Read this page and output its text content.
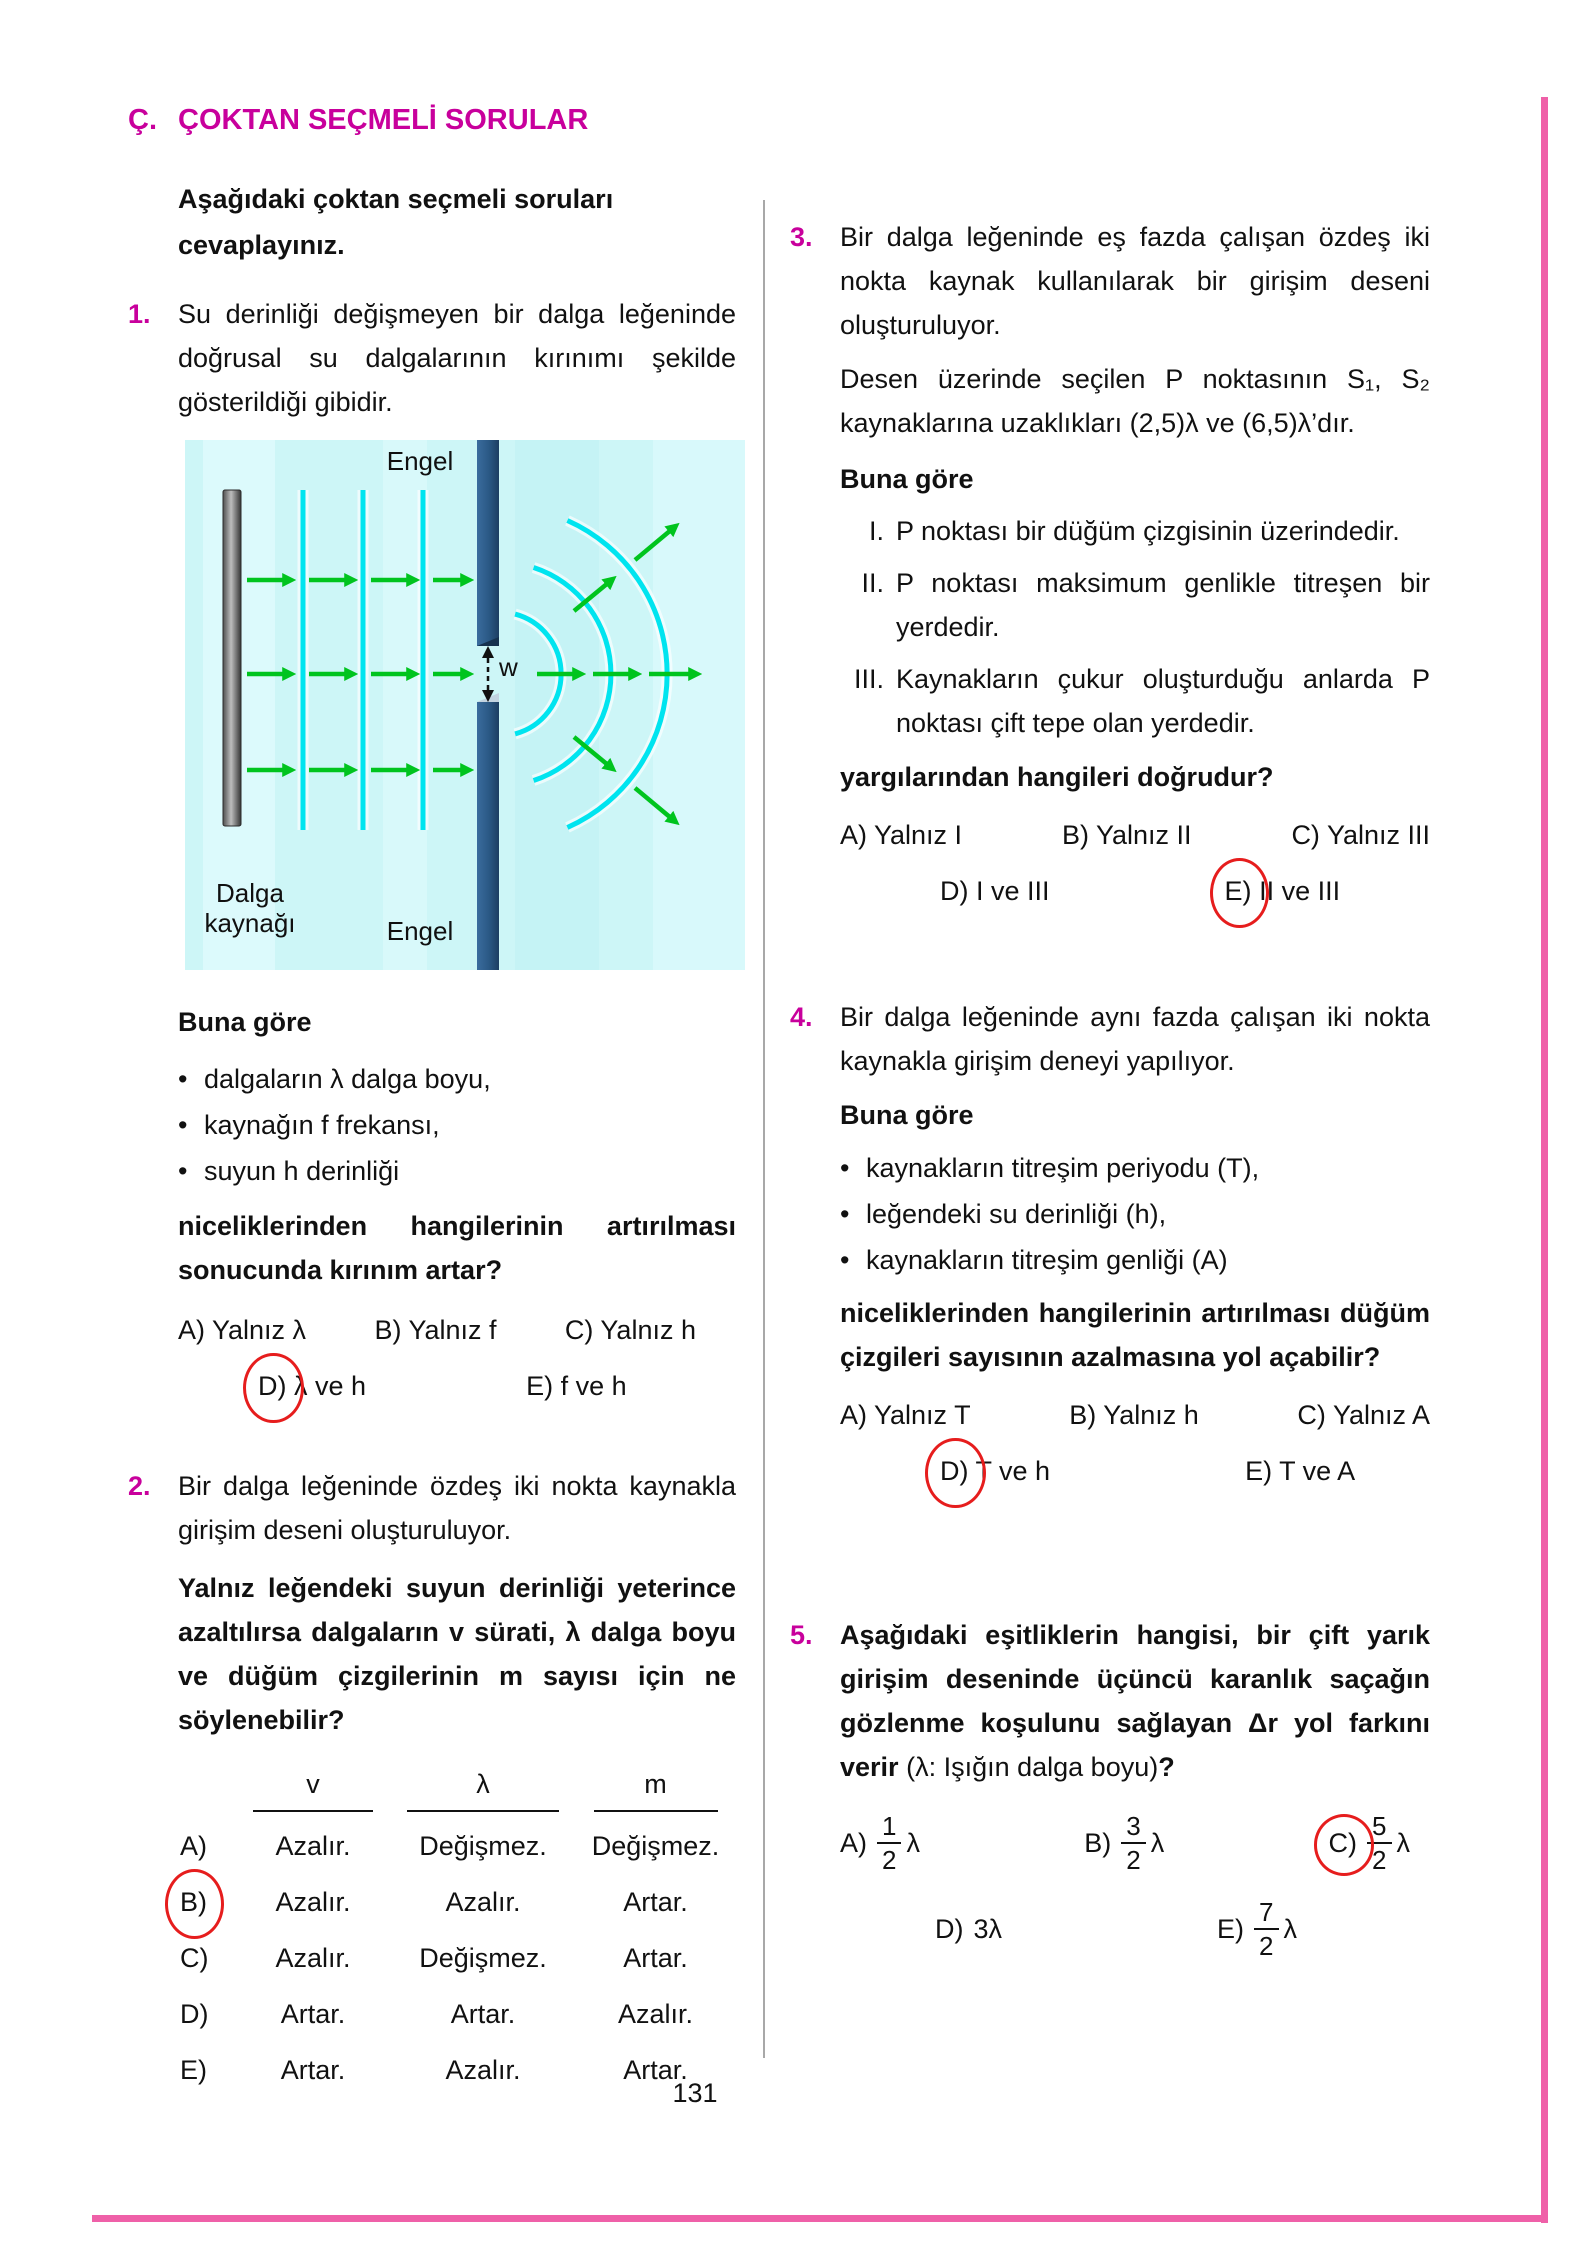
Ç. ÇOKTAN SEÇMELİ SORULAR
Aşağıdaki çoktan seçmeli soruları cevaplayınız.
1.	Su derinliği değişmeyen bir dalga leğeninde doğrusal su dalgalarının kırınımı şekilde gösterildiği gibidir.
Engel
Engel
Dalga kaynağı
w
Buna göre
• dalgaların λ dalga boyu,
• kaynağın f frekansı,
• suyun h derinliği
niceliklerinden hangilerinin artırılması sonucunda kırınım artar?
A) Yalnız λ	B) Yalnız f	C) Yalnız h
D) λ ve h	E) f ve h
2.	Bir dalga leğeninde özdeş iki nokta kaynakla girişim deseni oluşturuluyor.
Yalnız leğendeki suyun derinliği yeterince azaltılırsa dalgaların v sürati, λ dalga boyu ve düğüm çizgilerinin m sayısı için ne söylenebilir?
v	λ	m
A)	Azalır.	Değişmez.	Değişmez.
B)	Azalır.	Azalır.	Artar.
C)	Azalır.	Değişmez.	Artar.
D)	Artar.	Artar.	Azalır.
E)	Artar.	Azalır.	Artar.
3.	Bir dalga leğeninde eş fazda çalışan özdeş iki nokta kaynak kullanılarak bir girişim deseni oluşturuluyor.
Desen üzerinde seçilen P noktasının S₁, S₂ kaynaklarına uzaklıkları (2,5)λ ve (6,5)λ’dır.
Buna göre
I. P noktası bir düğüm çizgisinin üzerindedir.
II. P noktası maksimum genlikle titreşen bir yerdedir.
III. Kaynakların çukur oluşturduğu anlarda P noktası çift tepe olan yerdedir.
yargılarından hangileri doğrudur?
A) Yalnız I	B) Yalnız II	C) Yalnız III
D) I ve III	E) II ve III
4.	Bir dalga leğeninde aynı fazda çalışan iki nokta kaynakla girişim deneyi yapılıyor.
Buna göre
• kaynakların titreşim periyodu (T),
• leğendeki su derinliği (h),
• kaynakların titreşim genliği (A)
niceliklerinden hangilerinin artırılması düğüm çizgileri sayısının azalmasına yol açabilir?
A) Yalnız T	B) Yalnız h	C) Yalnız A
D) T ve h	E) T ve A
5.	Aşağıdaki eşitliklerin hangisi, bir çift yarık girişim deseninde üçüncü karanlık saçağın gözlenme koşulunu sağlayan Δr yol farkını verir (λ: Işığın dalga boyu)?
$A) \frac{1}{2}$ λ	$B) \frac{3}{2}$ λ	$C) \frac{5}{2}$ λ
D) 3λ	$E) \frac{7}{2}$ λ
131
